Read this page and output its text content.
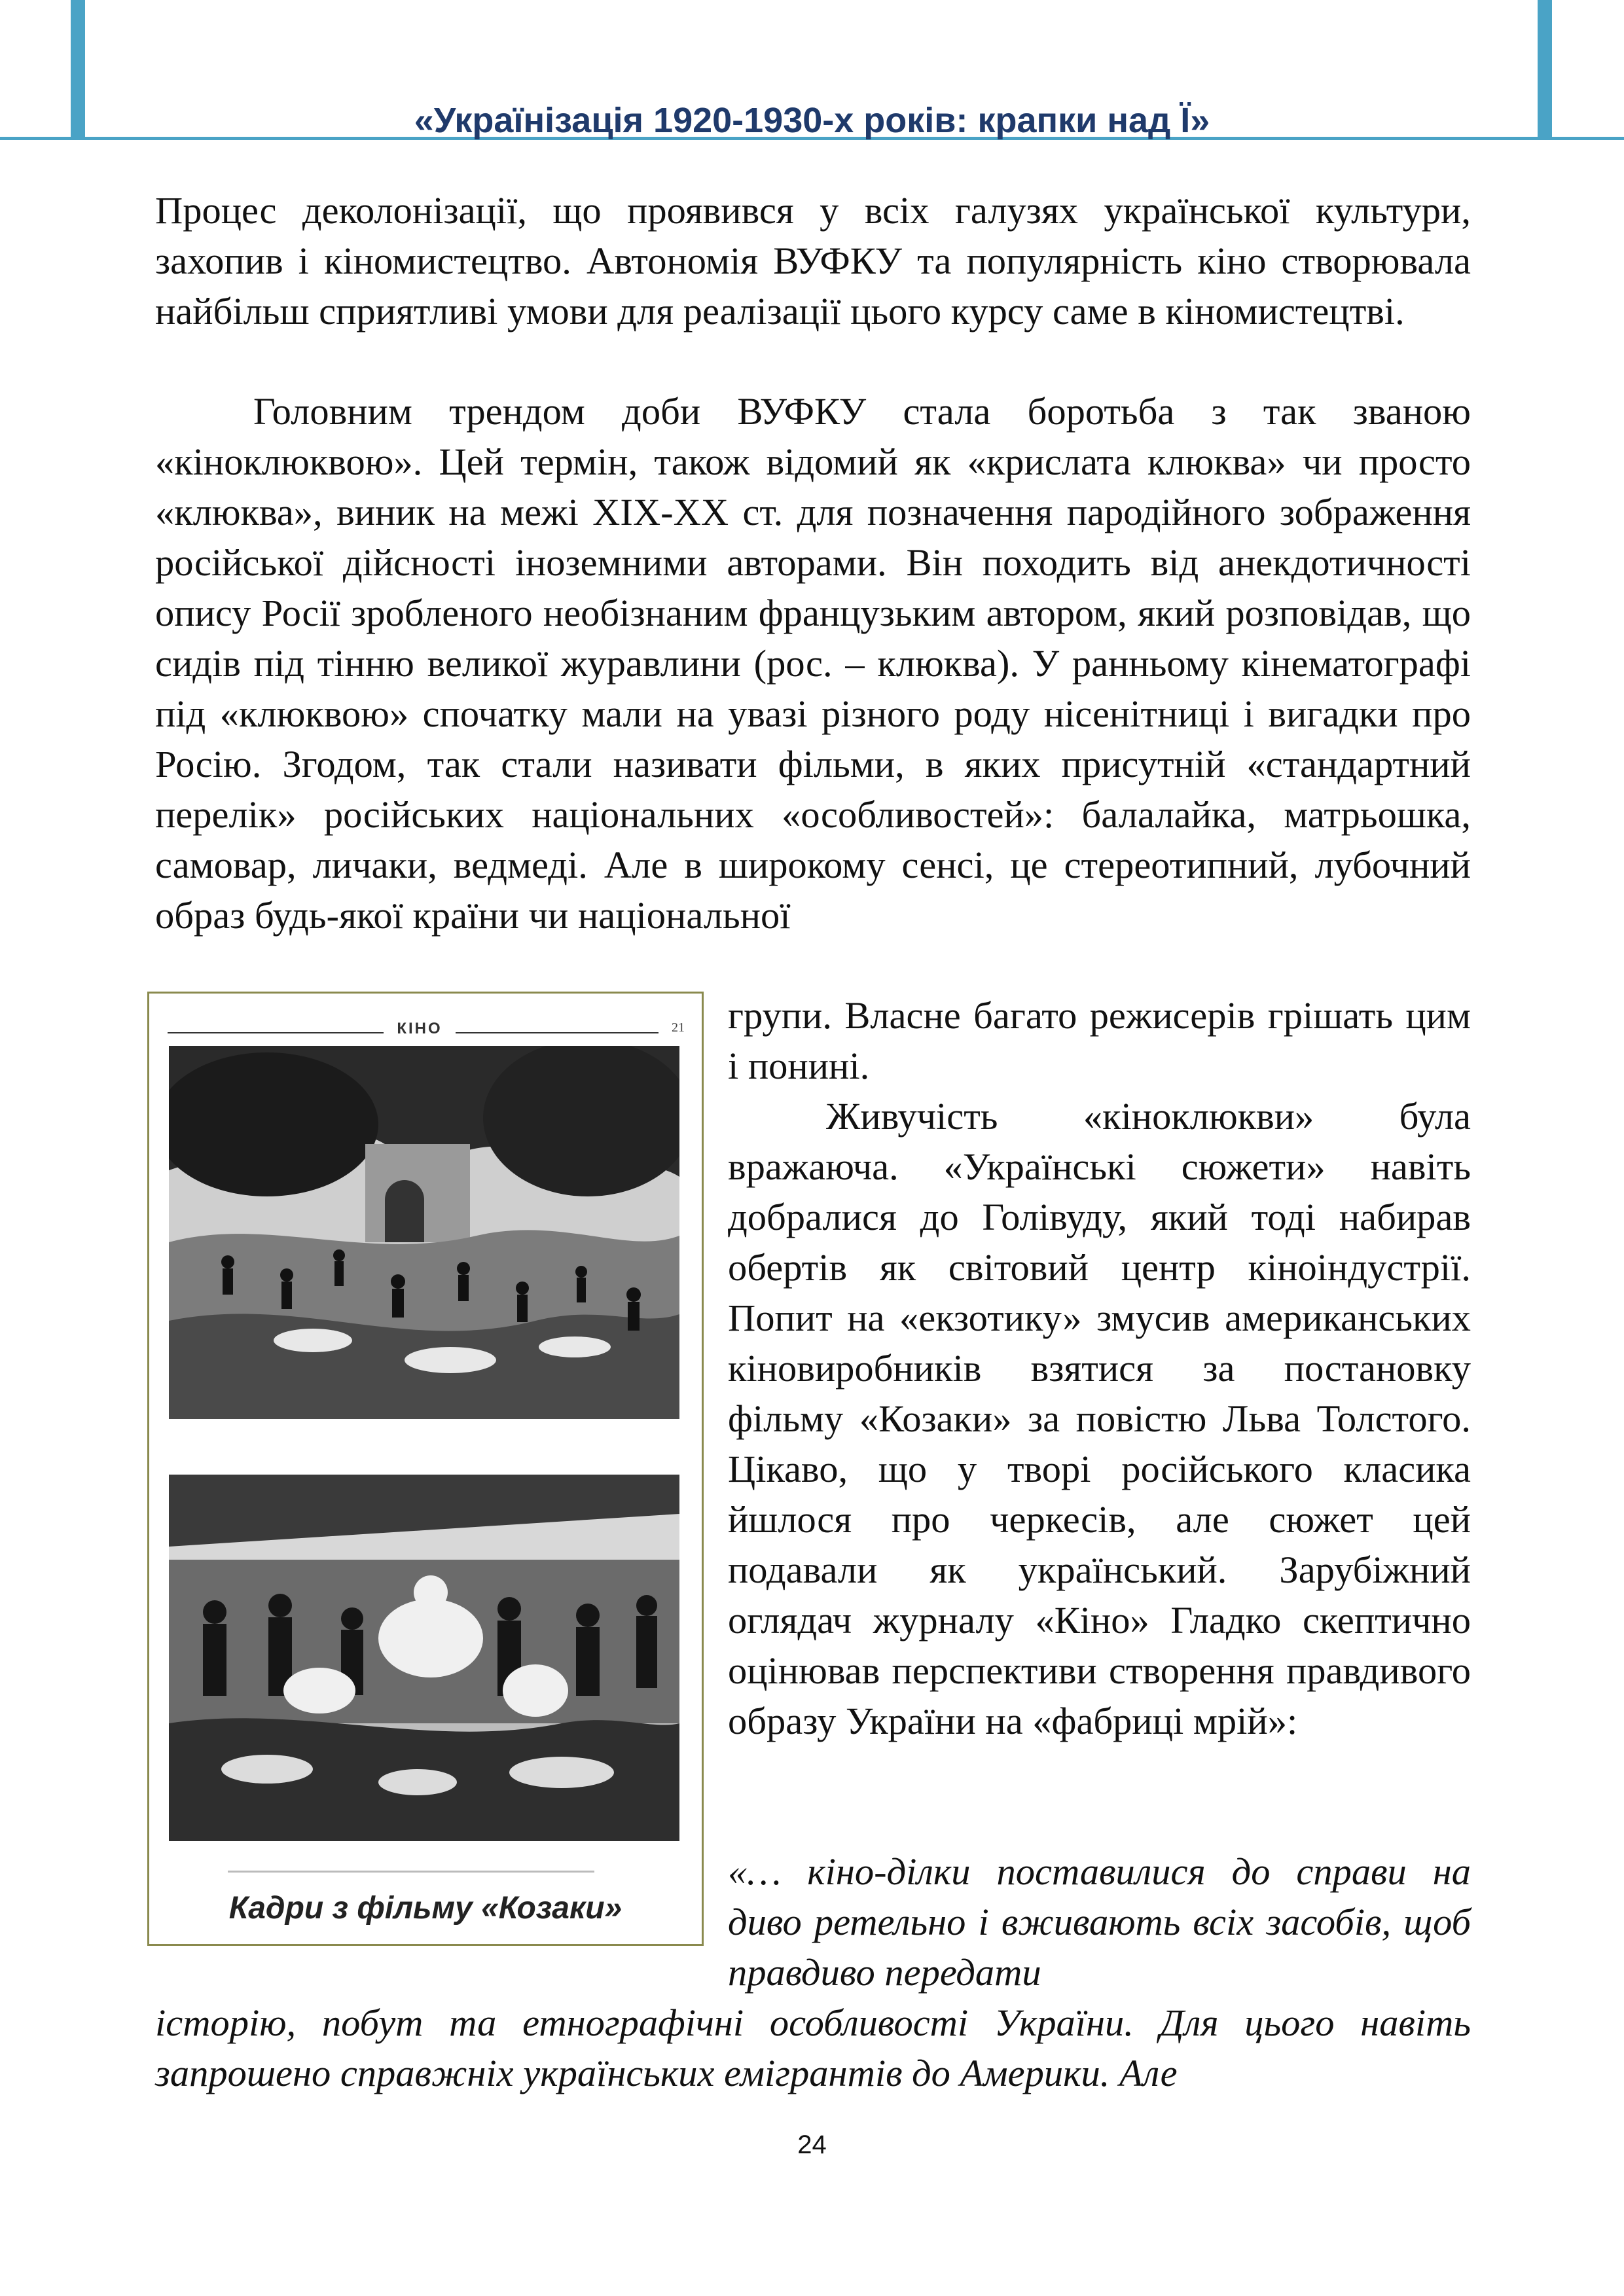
«Українізація 1920-1930-х років: крапки над Ї»

Процес деколонізації, що проявився у всіх галузях української культури, захопив і кіномистецтво. Автономія ВУФКУ та популярність кіно створювала найбільш сприятливі умови для реалізації цього курсу саме в кіномистецтві.

Головним трендом доби ВУФКУ стала боротьба з так званою «кіноклюквою». Цей термін, також відомий як «крислата клюква» чи просто «клюква», виник на межі XIX-XX ст. для позначення пародійного зображення російської дійсності іноземними авторами. Він походить від анекдотичності опису Росії зробленого необізнаним французьким автором, який розповідав, що сидів під тінню великої журавлини (рос. – клюква). У ранньому кінематографі під «клюквою» спочатку мали на увазі різного роду нісенітниці і вигадки про Росію. Згодом, так стали називати фільми, в яких присутній «стандартний перелік» російських національних «особливостей»: балалайка, матрьошка, самовар, личаки, ведмеді. Але в широкому сенсі, це стереотипний, лубочний образ будь-якої країни чи національної

КІНО	21
Кадри з фільму «Козаки»

групи. Власне багато режисерів грішать цим і понині.

Живучість «кіноклюкви» була вражаюча. «Українські сюжети» навіть добралися до Голівуду, який тоді набирав обертів як світовий центр кіноіндустрії. Попит на «екзотику» змусив американських кіновиробників взятися за постановку фільму «Козаки» за повістю Льва Толстого. Цікаво, що у творі російського класика йшлося про черкесів, але сюжет цей подавали як український. Зарубіжний оглядач журналу «Кіно» Гладко скептично оцінював перспективи створення правдивого образу України на «фабриці мрій»:

«… кіно-ділки поставилися до справи на диво ретельно і вживають всіх засобів, щоб правдиво передати

історію, побут та етнографічні особливості України. Для цього навіть запрошено справжніх українських емігрантів до Америки. Але

24
